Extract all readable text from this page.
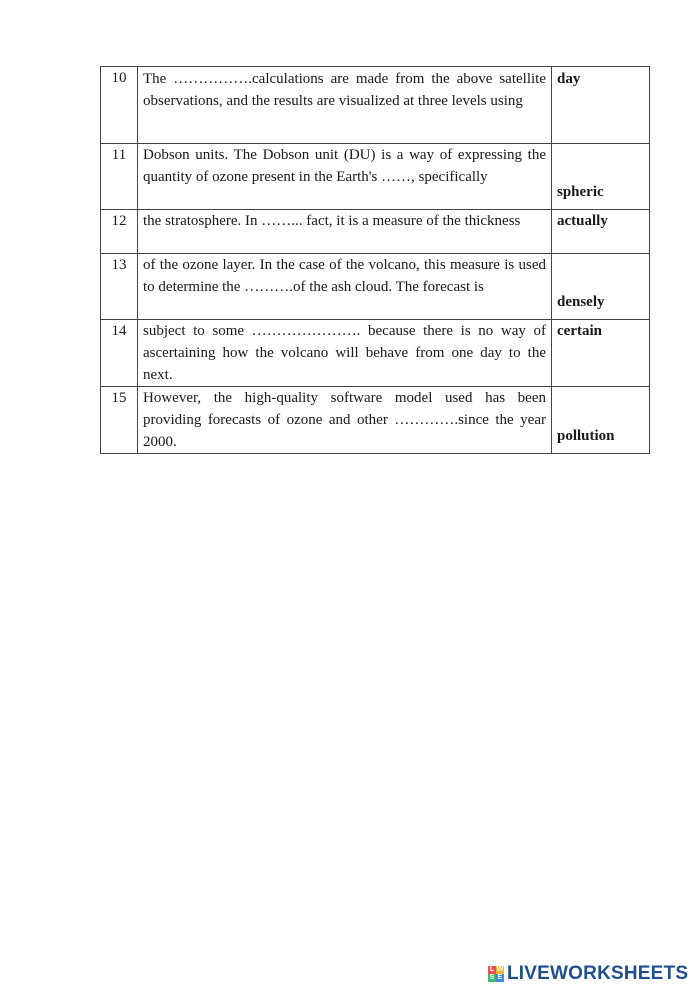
10	The …………….calculations are made from the above satellite observations, and the results are visualized at three levels using	day
11	Dobson units. The Dobson unit (DU) is a way of expressing the quantity of ozone present in the Earth's ……, specifically	spheric
12	the stratosphere. In ……... fact, it is a measure of the thickness	actually
13	of the ozone layer. In the case of the volcano, this measure is used to determine the ……….of the ash cloud. The forecast is	densely
14	subject to some …………………. because there is no way of ascertaining how the volcano will behave from one day to the next.	certain
15	However, the high-quality software model used has been providing forecasts of ozone and other ………….since the year 2000.	pollution
L W
S E LIVEWORKSHEETS
